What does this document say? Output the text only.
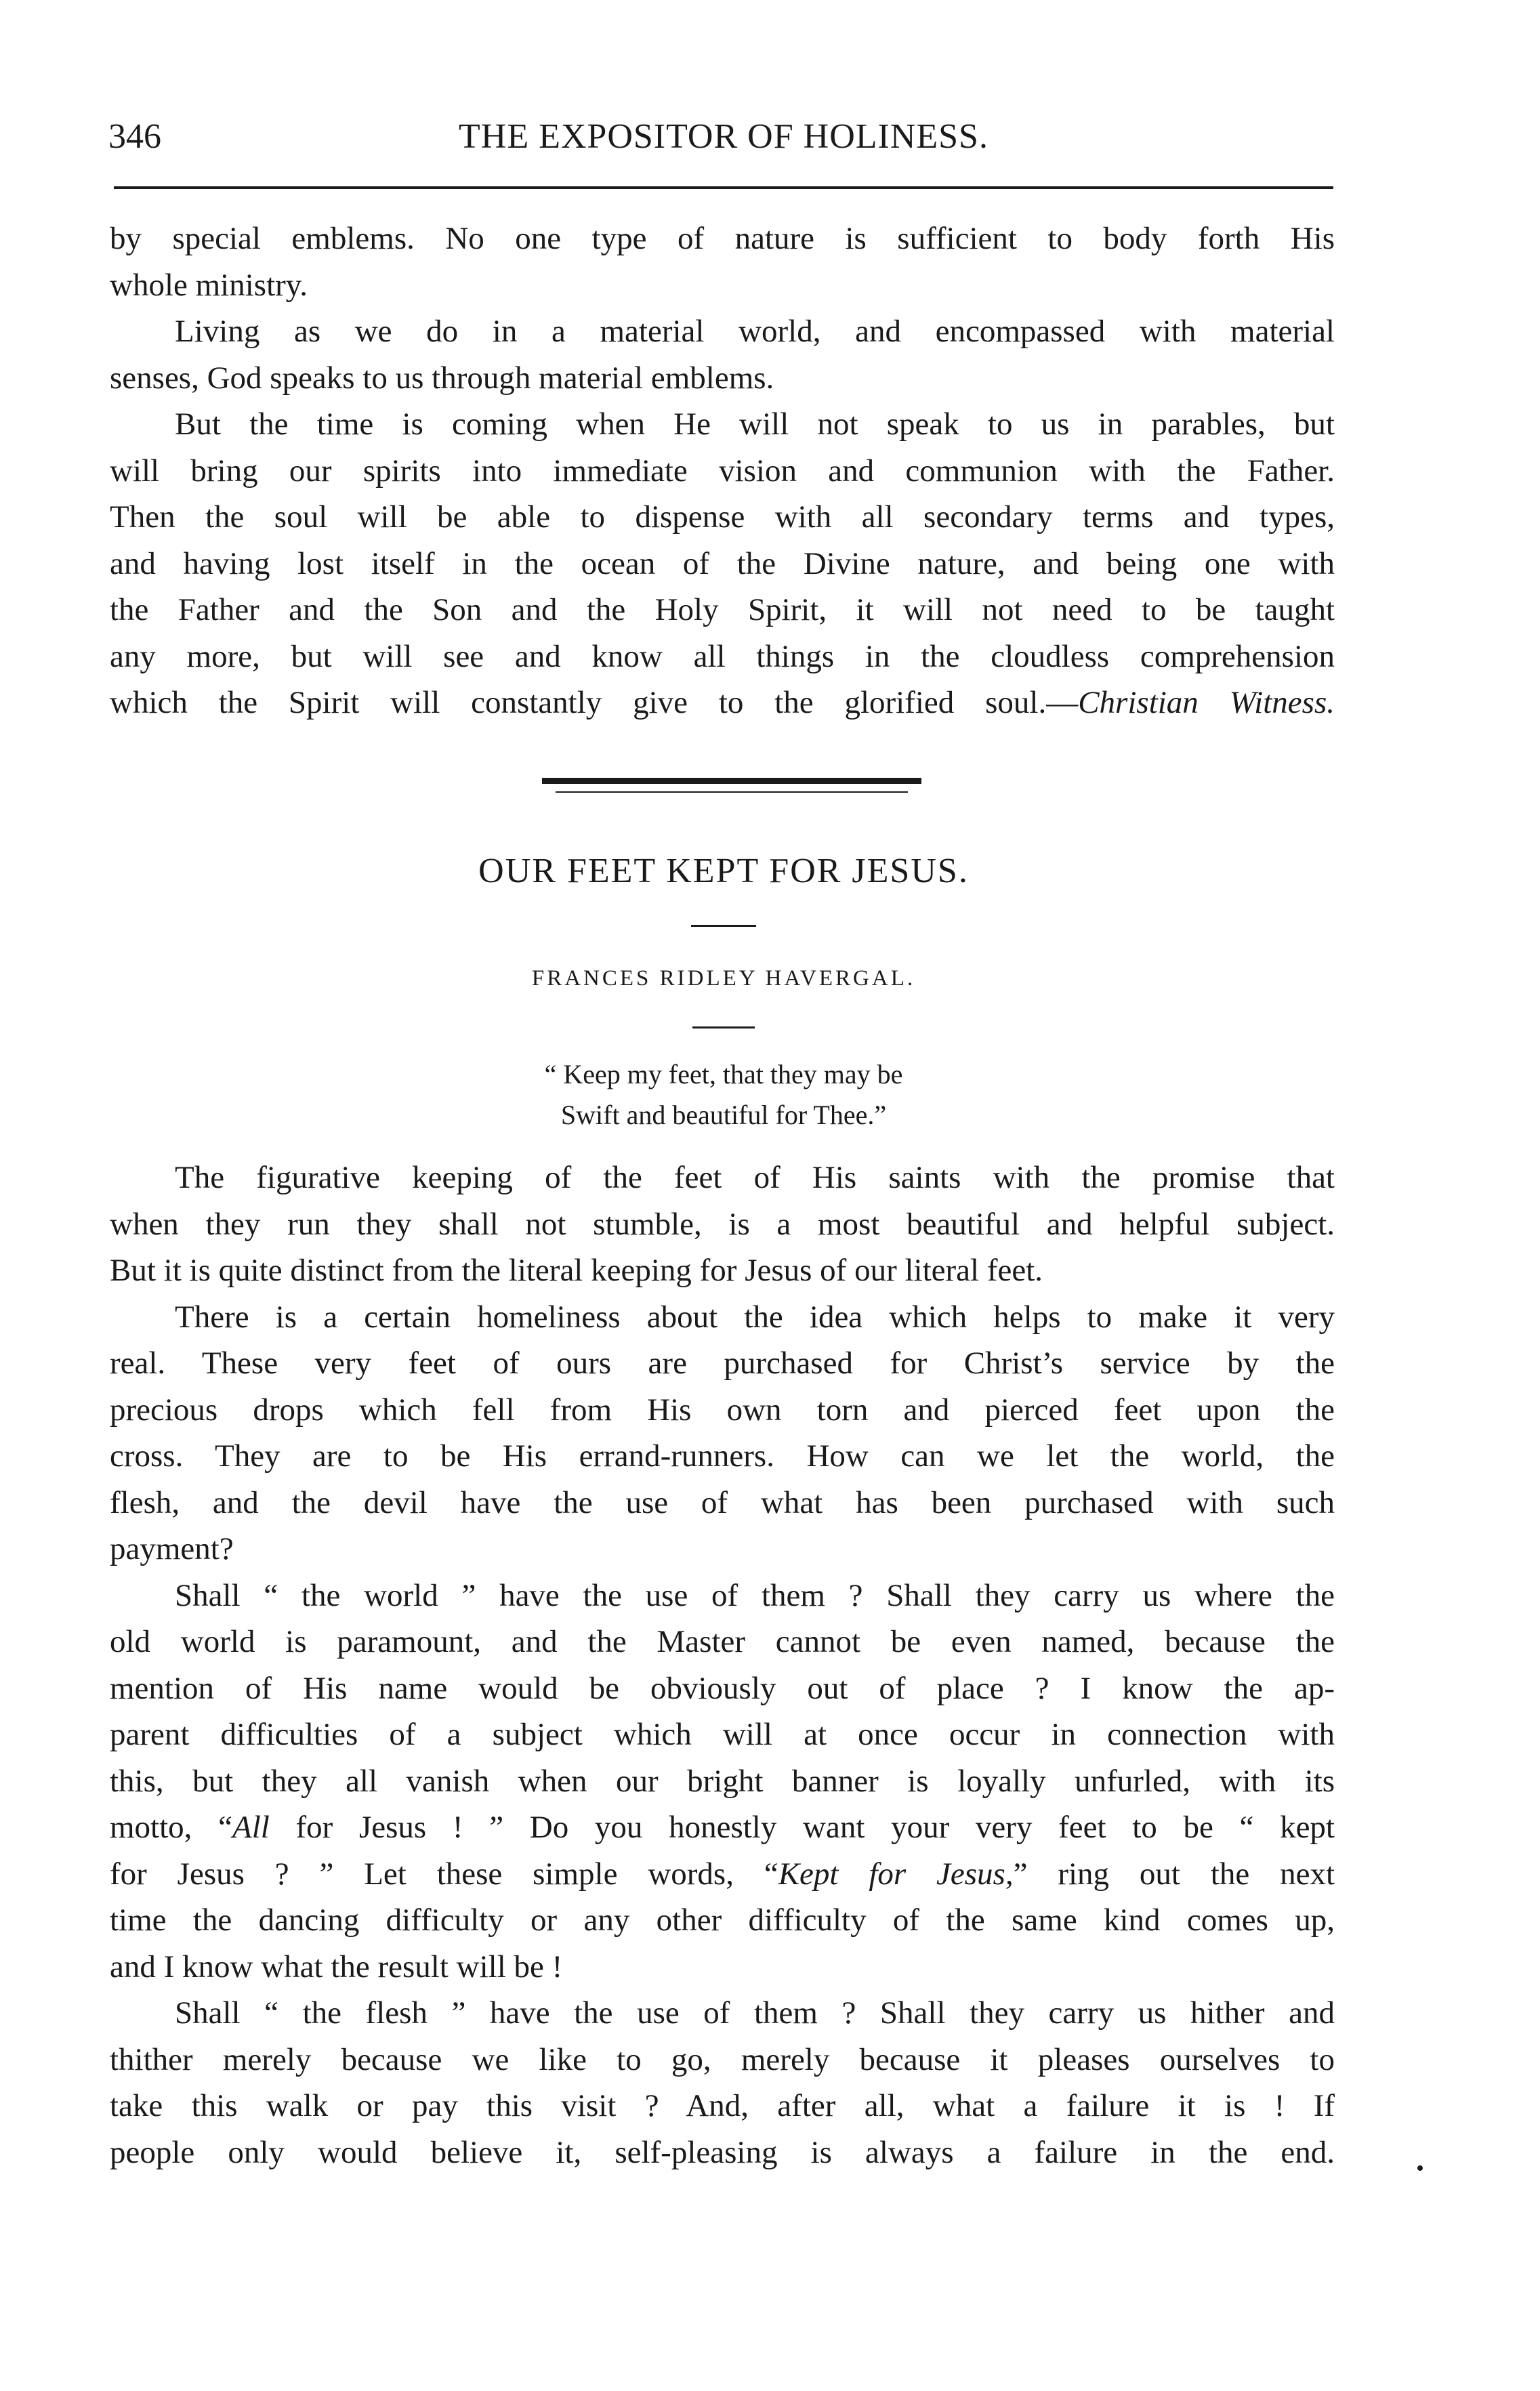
346	THE EXPOSITOR OF HOLINESS.
by special emblems. No one type of nature is sufficient to body forth His
whole ministry.
Living as we do in a material world, and encompassed with material
senses, God speaks to us through material emblems.
But the time is coming when He will not speak to us in parables, but
will bring our spirits into immediate vision and communion with the Father.
Then the soul will be able to dispense with all secondary terms and types,
and having lost itself in the ocean of the Divine nature, and being one with
the Father and the Son and the Holy Spirit, it will not need to be taught
any more, but will see and know all things in the cloudless comprehension
which the Spirit will constantly give to the glorified soul.—Christian Witness.
OUR FEET KEPT FOR JESUS.
FRANCES RIDLEY HAVERGAL.
“ Keep my feet, that they may be
Swift and beautiful for Thee.”
The figurative keeping of the feet of His saints with the promise that
when they run they shall not stumble, is a most beautiful and helpful subject.
But it is quite distinct from the literal keeping for Jesus of our literal feet.
There is a certain homeliness about the idea which helps to make it very
real. These very feet of ours are purchased for Christ’s service by the
precious drops which fell from His own torn and pierced feet upon the
cross. They are to be His errand-runners. How can we let the world, the
flesh, and the devil have the use of what has been purchased with such
payment?
Shall “ the world ” have the use of them ? Shall they carry us where the
old world is paramount, and the Master cannot be even named, because the
mention of His name would be obviously out of place ? I know the ap-
parent difficulties of a subject which will at once occur in connection with
this, but they all vanish when our bright banner is loyally unfurled, with its
motto, “All for Jesus ! ” Do you honestly want your very feet to be “ kept
for Jesus ? ” Let these simple words, “Kept for Jesus,” ring out the next
time the dancing difficulty or any other difficulty of the same kind comes up,
and I know what the result will be !
Shall “ the flesh ” have the use of them ? Shall they carry us hither and
thither merely because we like to go, merely because it pleases ourselves to
take this walk or pay this visit ? And, after all, what a failure it is ! If
people only would believe it, self-pleasing is always a failure in the end.
